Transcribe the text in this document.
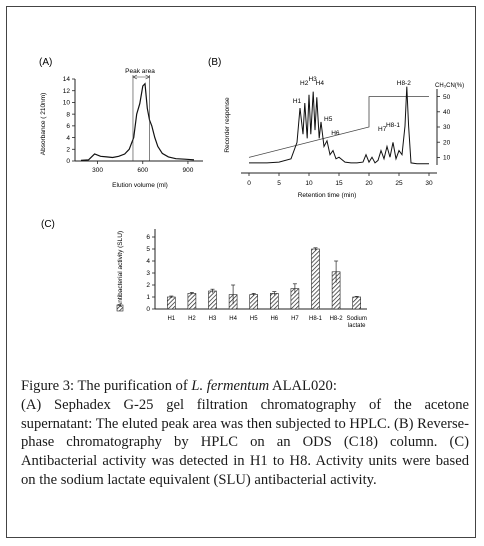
(A)	(B)
(C)
Absorbance ( 210nm)
Elution volume (ml)
Peak area
0
2
4
6
8
10
12
14
300	600	900
Recorder response
Retention time (min)
CH₃CN(%)
0	5	10	15	20	25	30
10
20
30
40
50
H1
H2
H3
H4
H5
H6
H7
H8-1
H8-2
Antibacterial activity (SLU)
0
1
2
3
4
5
6
H1 H2 H3 H4 H5 H6 H7 H8-1 H8-2 Sodium
lactate
Figure 3: The purification of L. fermentum ALAL020:
(A) Sephadex G-25 gel filtration chromatography of the acetone supernatant: The eluted peak area was then subjected to HPLC. (B) Reverse-phase chromatography by HPLC on an ODS (C18) column. (C) Antibacterial activity was detected in H1 to H8. Activity units were based on the sodium lactate equivalent (SLU) antibacterial activity.
